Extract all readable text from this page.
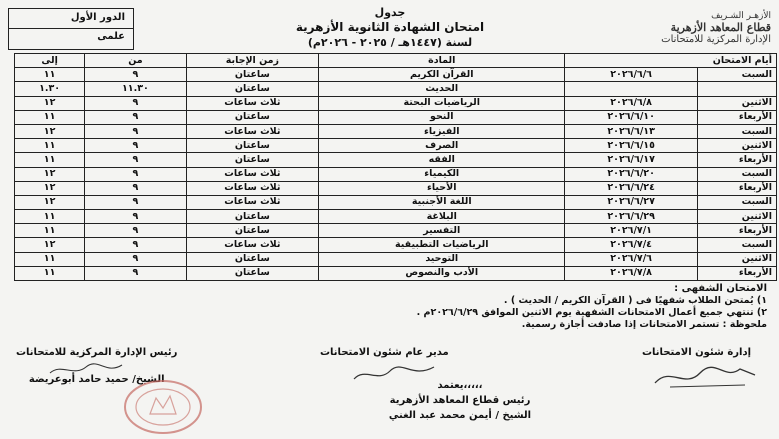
الدور الأول
علمى
جدول
امتحان الشهادة الثانوية الأزهرية
لسنة (١٤٤٧هـ / ٢٠٢٥ - ٢٠٢٦م)
الأزهـر الشـريف
قطاع المعاهد الأزهرية
الإدارة المركزية للامتحانات
أيام الامتحان		المادة	زمن الإجابة	من	إلى
السبت	٢٠٢٦/٦/٦	القرآن الكريم	ساعتان	٩	١١
		الحديث	ساعتان	١١.٣٠	١.٣٠
الاثنين	٢٠٢٦/٦/٨	الرياضيات البحتة	ثلاث ساعات	٩	١٢
الأربعاء	٢٠٢٦/٦/١٠	النحو	ساعتان	٩	١١
السبت	٢٠٢٦/٦/١٣	الفيزياء	ثلاث ساعات	٩	١٢
الاثنين	٢٠٢٦/٦/١٥	الصرف	ساعتان	٩	١١
الأربعاء	٢٠٢٦/٦/١٧	الفقه	ساعتان	٩	١١
السبت	٢٠٢٦/٦/٢٠	الكيمياء	ثلاث ساعات	٩	١٢
الأربعاء	٢٠٢٦/٦/٢٤	الأحياء	ثلاث ساعات	٩	١٢
السبت	٢٠٢٦/٦/٢٧	اللغة الأجنبية	ثلاث ساعات	٩	١٢
الاثنين	٢٠٢٦/٦/٢٩	البلاغة	ساعتان	٩	١١
الأربعاء	٢٠٢٦/٧/١	التفسير	ساعتان	٩	١١
السبت	٢٠٢٦/٧/٤	الرياضيات التطبيقية	ثلاث ساعات	٩	١٢
الاثنين	٢٠٢٦/٧/٦	التوحيد	ساعتان	٩	١١
الأربعاء	٢٠٢٦/٧/٨	الأدب والنصوص	ساعتان	٩	١١
الامتحان الشفهى :
١) يُمتحن الطلاب شفهيًا فى ( القرآن الكريم / الحديث ) .
٢) تنتهي جميع أعمال الامتحانات الشفهية يوم الاثنين الموافق ٢٠٢٦/٦/٢٩م .
ملحوظة : تستمر الامتحانات إذا صادفت أجازة رسمية.
إدارة شئون الامتحانات
مدير عام شئون الامتحانات
رئيس الإدارة المركزية للامتحانات
الشيخ/ حميد حامد أبوعريضة
يعتمد،،،،،
رئيس قطاع المعاهد الأزهرية
الشيخ / أيمن محمد عبد الغني
